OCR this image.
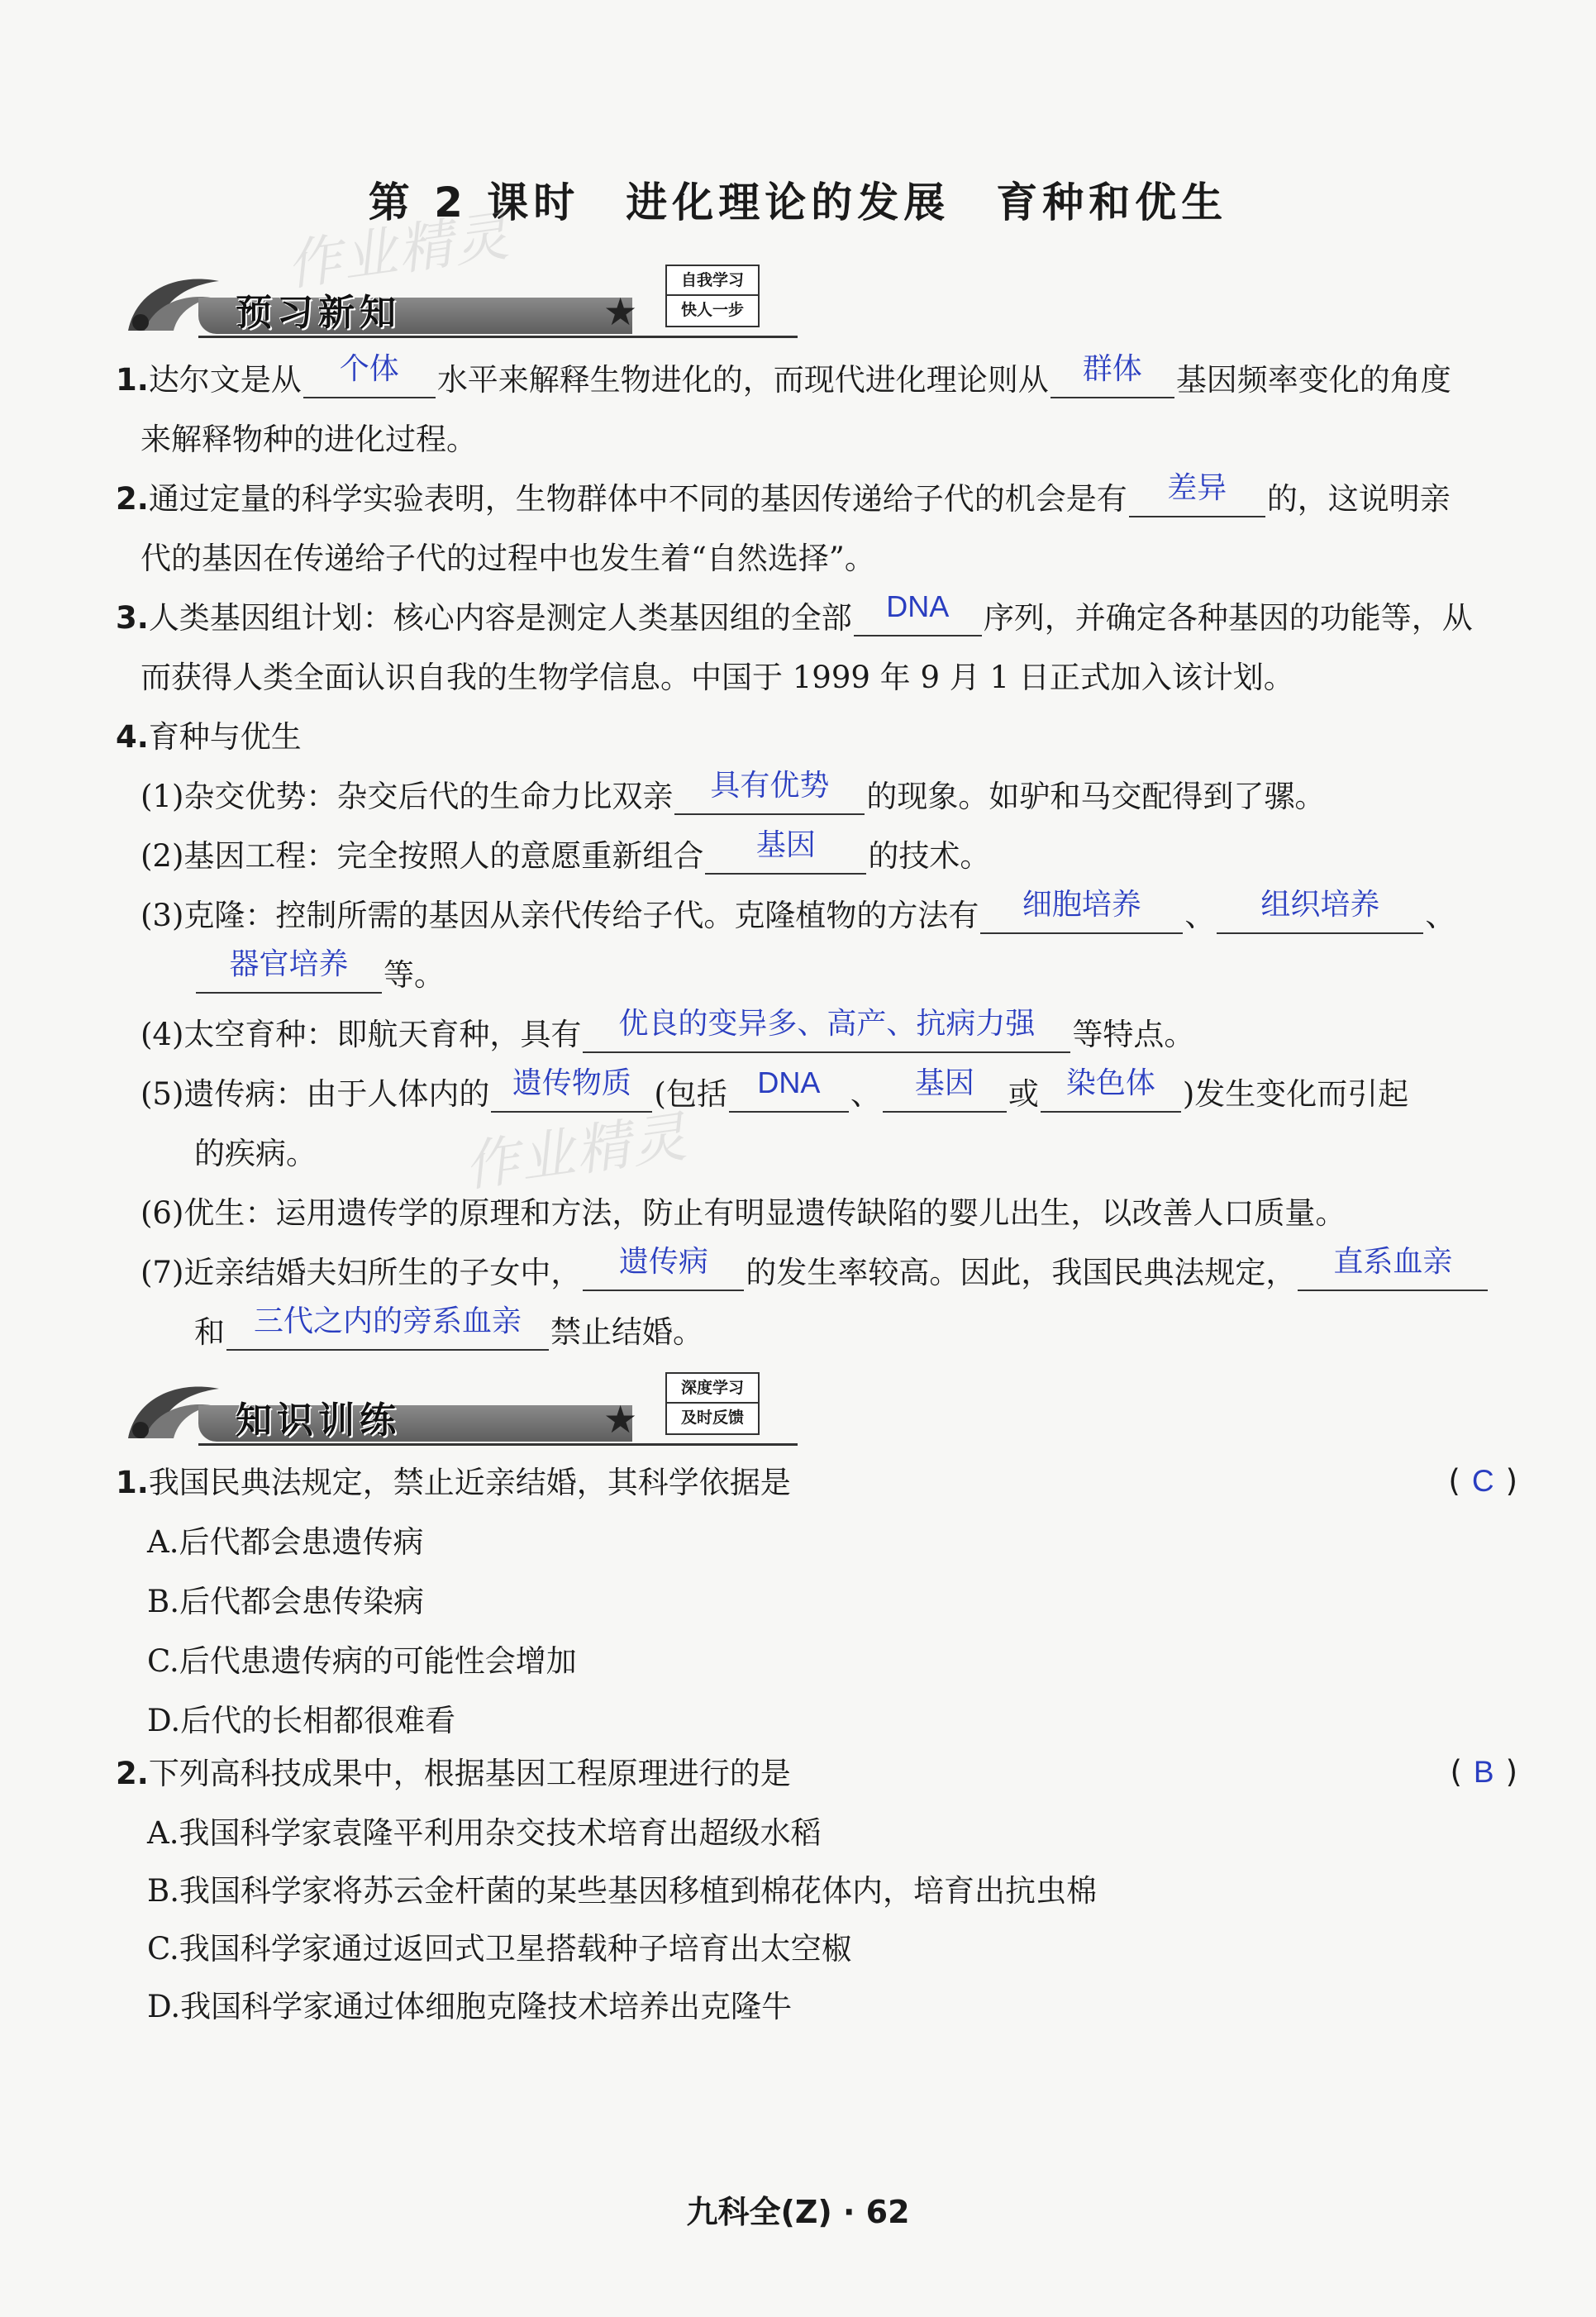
第 2 课时　进化理论的发展　育种和优生
作业精灵
作业精灵
预习新知	★
自我学习
快人一步
1.达尔文是从	个体	水平来解释生物进化的，而现代进化理论则从	群体	基因频率变化的角度
来解释物种的进化过程。
2.通过定量的科学实验表明，生物群体中不同的基因传递给子代的机会是有	差异	的，这说明亲
代的基因在传递给子代的过程中也发生着“自然选择”。
3.人类基因组计划：核心内容是测定人类基因组的全部	DNA	序列，并确定各种基因的功能等，从
而获得人类全面认识自我的生物学信息。中国于 1999 年 9 月 1 日正式加入该计划。
4.育种与优生
(1)杂交优势：杂交后代的生命力比双亲	具有优势	的现象。如驴和马交配得到了骡。
(2)基因工程：完全按照人的意愿重新组合	基因	的技术。
(3)克隆：控制所需的基因从亲代传给子代。克隆植物的方法有	细胞培养	、	组织培养	、
器官培养	等。
(4)太空育种：即航天育种，具有	优良的变异多、高产、抗病力强	等特点。
(5)遗传病：由于人体内的 遗传物质 (包括	DNA 、	基因	或 染色体 )发生变化而引起
的疾病。
(6)优生：运用遗传学的原理和方法，防止有明显遗传缺陷的婴儿出生，以改善人口质量。
(7)近亲结婚夫妇所生的子女中，	遗传病	的发生率较高。因此，我国民典法规定，	直系血亲
和 三代之内的旁系血亲 禁止结婚。
知识训练	★
深度学习
及时反馈
1.我国民典法规定，禁止近亲结婚，其科学依据是	( C )
A.后代都会患遗传病
B.后代都会患传染病
C.后代患遗传病的可能性会增加
D.后代的长相都很难看
2.下列高科技成果中，根据基因工程原理进行的是	( B )
A.我国科学家袁隆平利用杂交技术培育出超级水稻
B.我国科学家将苏云金杆菌的某些基因移植到棉花体内，培育出抗虫棉
C.我国科学家通过返回式卫星搭载种子培育出太空椒
D.我国科学家通过体细胞克隆技术培养出克隆牛
九科全(Z) · 62
